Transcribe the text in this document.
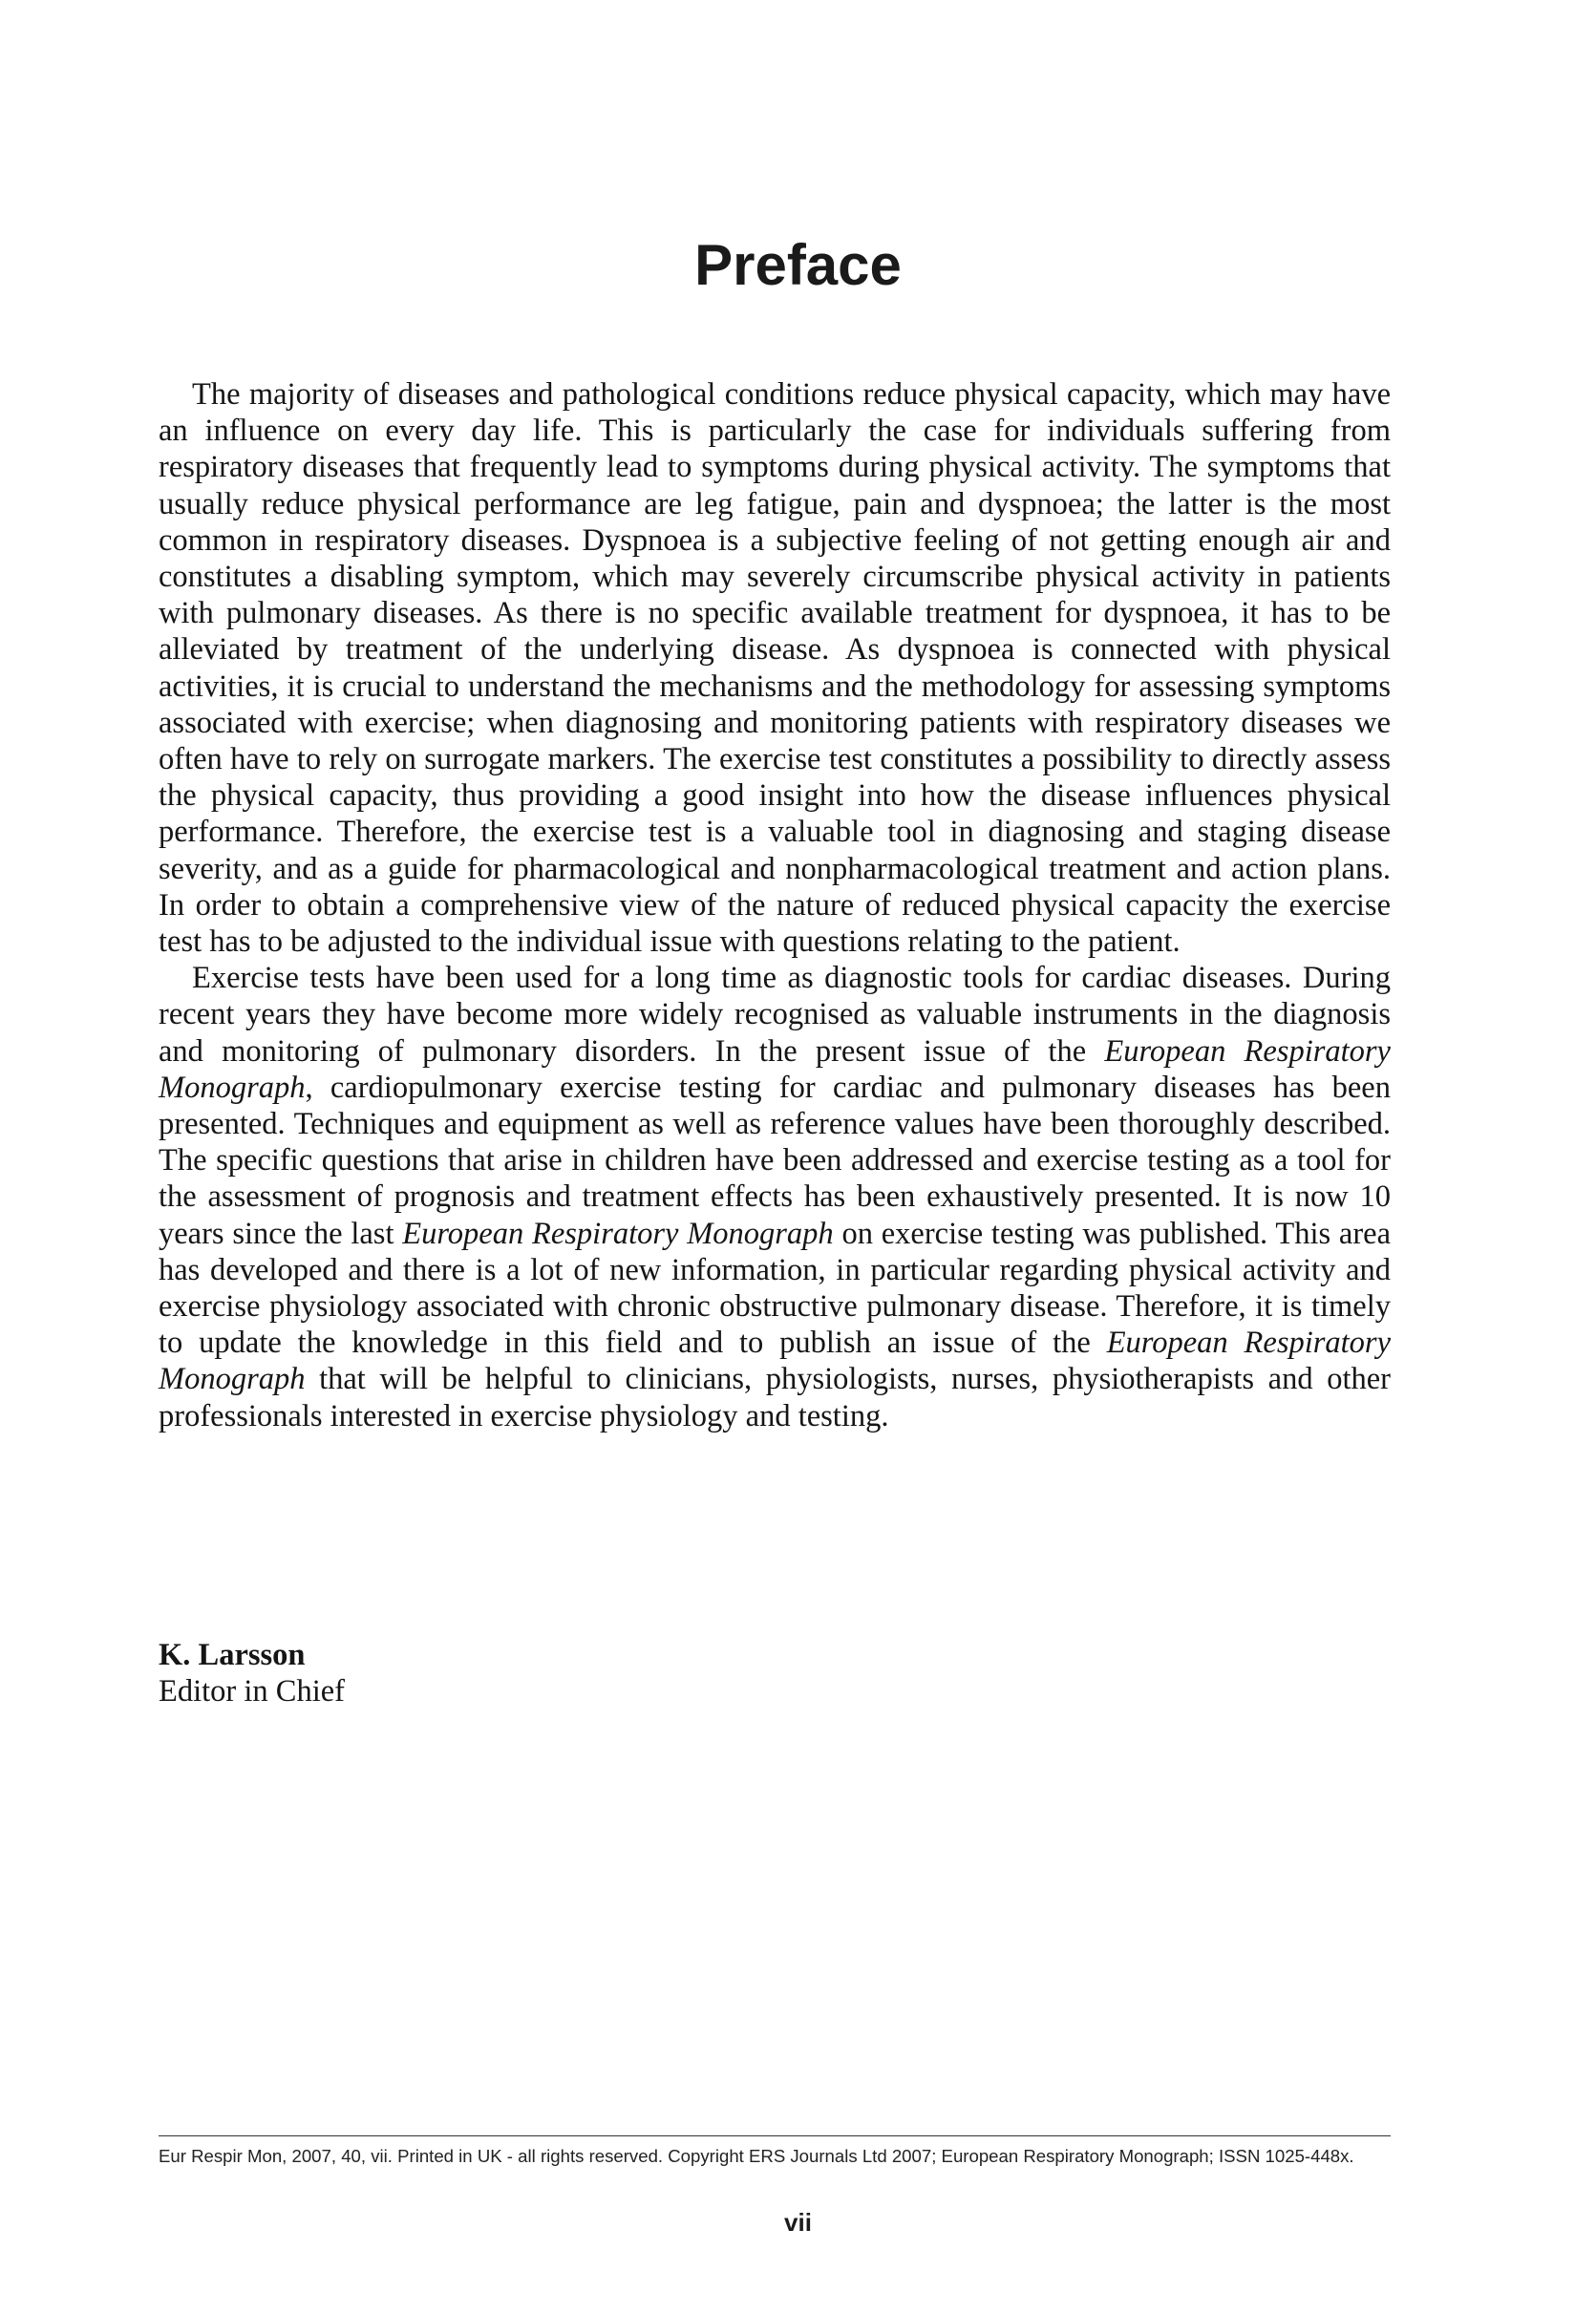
Preface

The majority of diseases and pathological conditions reduce physical capacity, which may have an influence on every day life. This is particularly the case for individuals suffering from respiratory diseases that frequently lead to symptoms during physical activity. The symptoms that usually reduce physical performance are leg fatigue, pain and dyspnoea; the latter is the most common in respiratory diseases. Dyspnoea is a subjective feeling of not getting enough air and constitutes a disabling symptom, which may severely circumscribe physical activity in patients with pulmonary diseases. As there is no specific available treatment for dyspnoea, it has to be alleviated by treatment of the underlying disease. As dyspnoea is connected with physical activities, it is crucial to understand the mechanisms and the methodology for assessing symptoms associated with exercise; when diagnosing and monitoring patients with respiratory diseases we often have to rely on surrogate markers. The exercise test constitutes a possibility to directly assess the physical capacity, thus providing a good insight into how the disease influences physical performance. Therefore, the exercise test is a valuable tool in diagnosing and staging disease severity, and as a guide for pharmacological and nonpharmacological treatment and action plans. In order to obtain a comprehensive view of the nature of reduced physical capacity the exercise test has to be adjusted to the individual issue with questions relating to the patient.

Exercise tests have been used for a long time as diagnostic tools for cardiac diseases. During recent years they have become more widely recognised as valuable instruments in the diagnosis and monitoring of pulmonary disorders. In the present issue of the European Respiratory Monograph, cardiopulmonary exercise testing for cardiac and pulmonary diseases has been presented. Techniques and equipment as well as reference values have been thoroughly described. The specific questions that arise in children have been addressed and exercise testing as a tool for the assessment of prognosis and treatment effects has been exhaustively presented. It is now 10 years since the last European Respiratory Monograph on exercise testing was published. This area has developed and there is a lot of new information, in particular regarding physical activity and exercise physiology associated with chronic obstructive pulmonary disease. Therefore, it is timely to update the knowledge in this field and to publish an issue of the European Respiratory Monograph that will be helpful to clinicians, physiologists, nurses, physiotherapists and other professionals interested in exercise physiology and testing.

K. Larsson
Editor in Chief
Eur Respir Mon, 2007, 40, vii. Printed in UK - all rights reserved. Copyright ERS Journals Ltd 2007; European Respiratory Monograph; ISSN 1025-448x.
vii
